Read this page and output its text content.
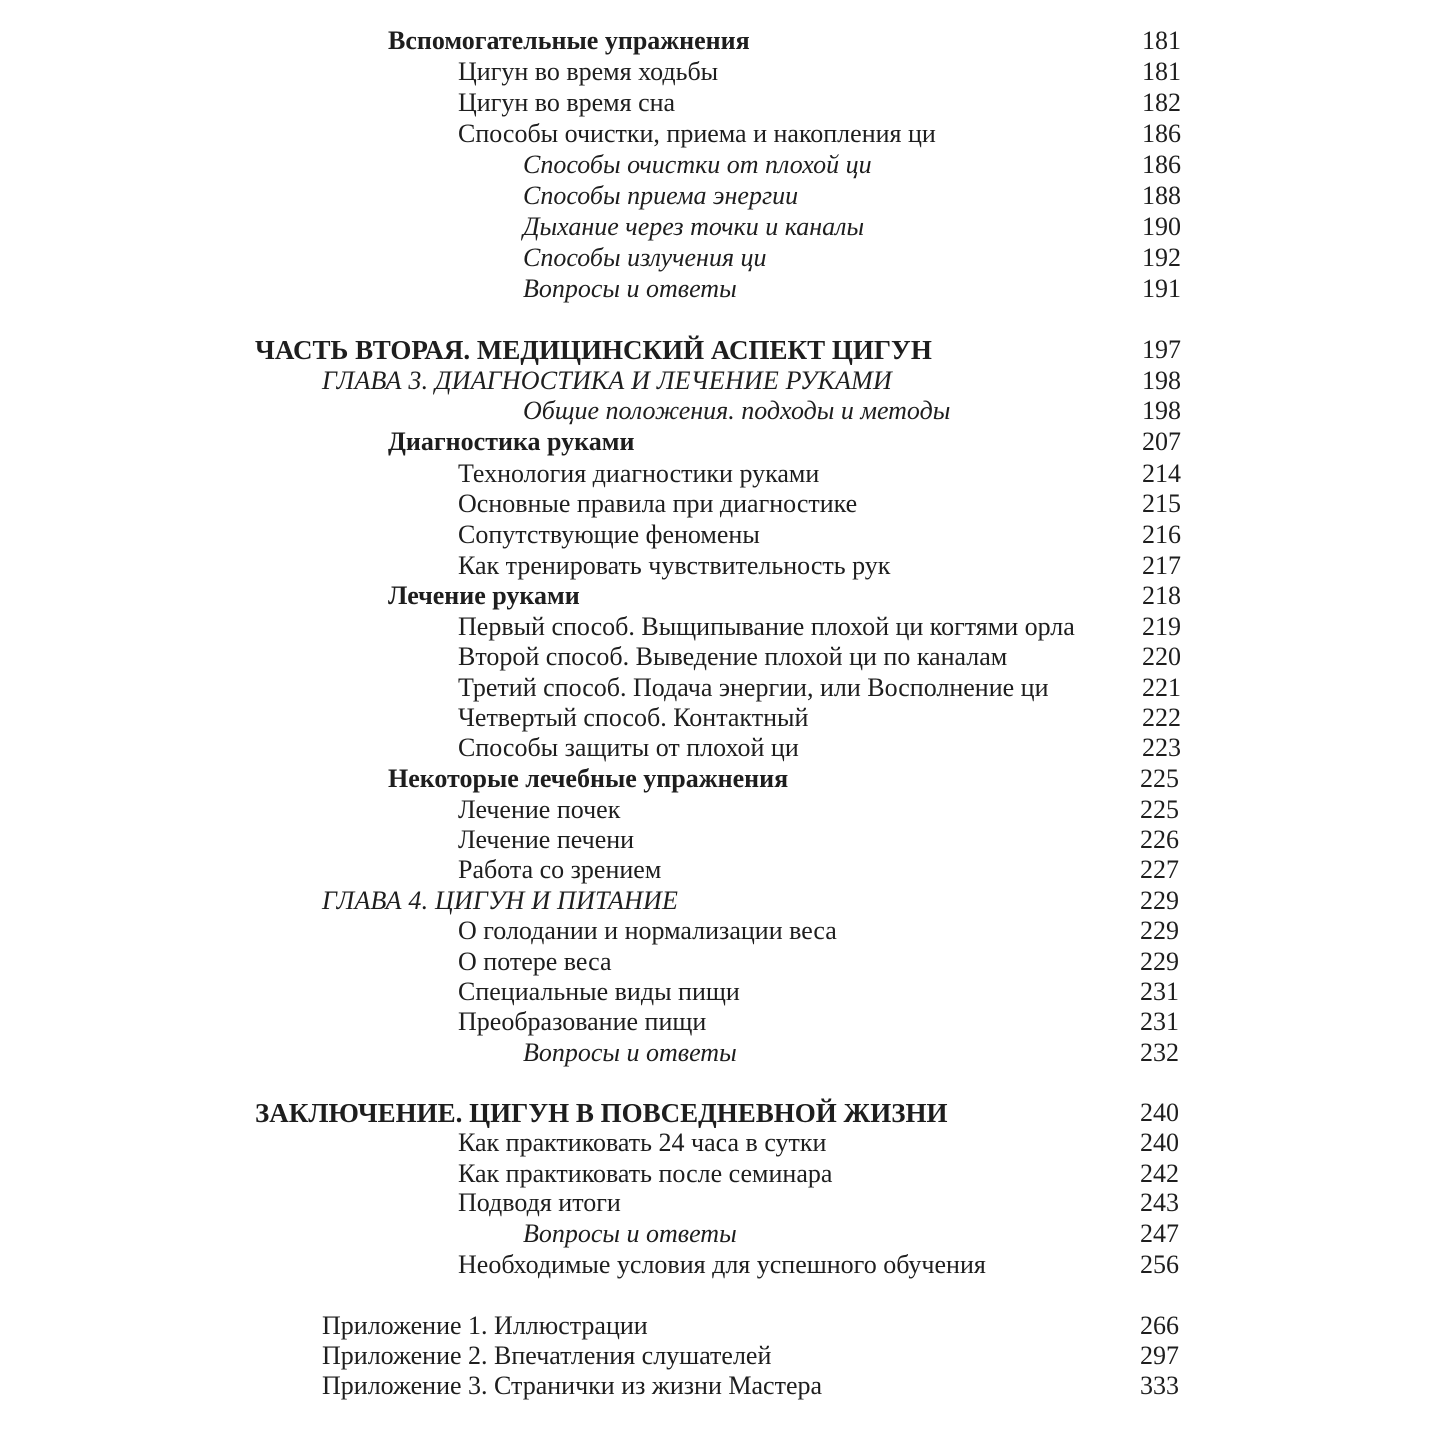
Вспомогательные упражнения	181
Цигун во время ходьбы	181
Цигун во время сна	182
Способы очистки, приема и накопления ци	186
Способы очистки от плохой ци	186
Способы приема энергии	188
Дыхание через точки и каналы	190
Способы излучения ци	192
Вопросы и ответы	191
ЧАСТЬ ВТОРАЯ. МЕДИЦИНСКИЙ АСПЕКТ ЦИГУН	197
ГЛАВА 3. ДИАГНОСТИКА И ЛЕЧЕНИЕ РУКАМИ	198
Общие положения. подходы и методы	198
Диагностика руками	207
Технология диагностики руками	214
Основные правила при диагностике	215
Сопутствующие феномены	216
Как тренировать чувствительность рук	217
Лечение руками	218
Первый способ. Выщипывание плохой ци когтями орла	219
Второй способ. Выведение плохой ци по каналам	220
Третий способ. Подача энергии, или Восполнение ци	221
Четвертый способ. Контактный	222
Способы защиты от плохой ци	223
Некоторые лечебные упражнения	225
Лечение почек	225
Лечение печени	226
Работа со зрением	227
ГЛАВА 4. ЦИГУН И ПИТАНИЕ	229
О голодании и нормализации веса	229
О потере веса	229
Специальные виды пищи	231
Преобразование пищи	231
Вопросы и ответы	232
ЗАКЛЮЧЕНИЕ. ЦИГУН В ПОВСЕДНЕВНОЙ ЖИЗНИ	240
Как практиковать 24 часа в сутки	240
Как практиковать после семинара	242
Подводя итоги	243
Вопросы и ответы	247
Необходимые условия для успешного обучения	256
Приложение 1. Иллюстрации	266
Приложение 2. Впечатления слушателей	297
Приложение 3. Странички из жизни Мастера	333
